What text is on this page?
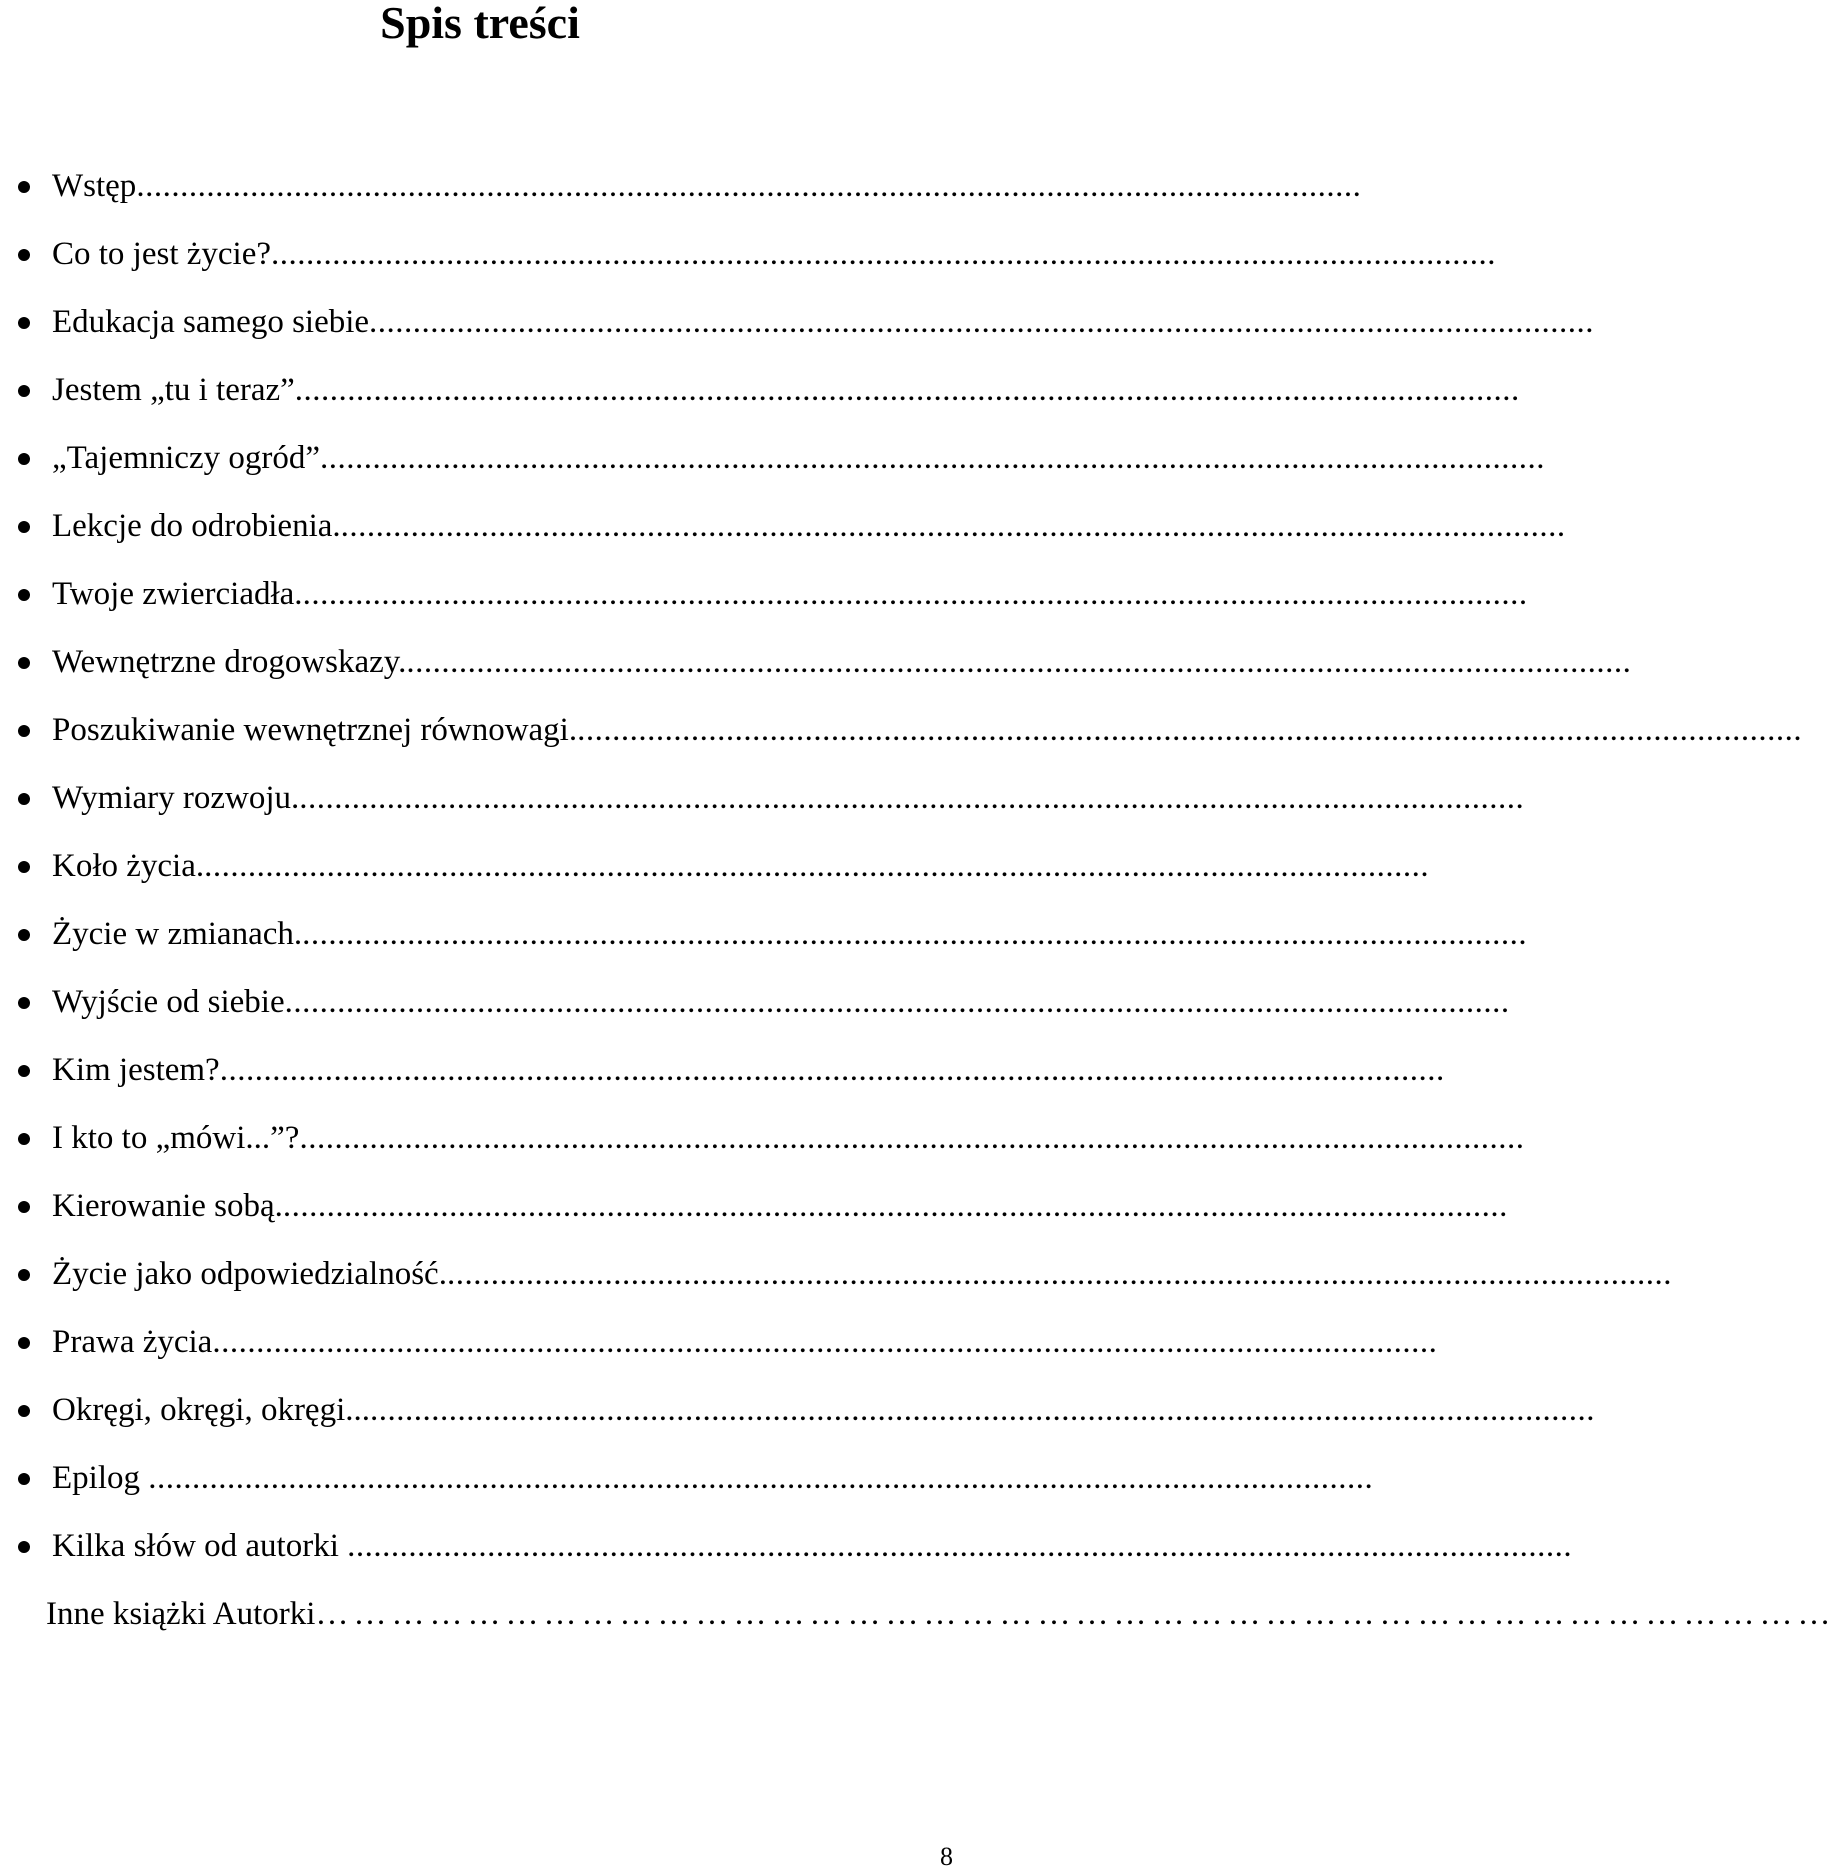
Spis treści
Wstęp............................................................................................................................................
Co to jest życie?............................................................................................................................................
Edukacja samego siebie............................................................................................................................................
Jestem „tu i teraz”............................................................................................................................................
„Tajemniczy ogród”............................................................................................................................................
Lekcje do odrobienia.............................................................................................................................................
Twoje zwierciadła.............................................................................................................................................
Wewnętrzne drogowskazy.............................................................................................................................................
Poszukiwanie wewnętrznej równowagi.............................................................................................................................................
Wymiary rozwoju.............................................................................................................................................
Koło życia.............................................................................................................................................
Życie w zmianach.............................................................................................................................................
Wyjście od siebie............................................................................................................................................
Kim jestem?............................................................................................................................................
I kto to „mówi...”?............................................................................................................................................
Kierowanie sobą.............................................................................................................................................
Życie jako odpowiedzialność.............................................................................................................................................
Prawa życia............................................................................................................................................
Okręgi, okręgi, okręgi...............................................................................................................................................
Epilog ............................................................................................................................................
Kilka słów od autorki ............................................................................................................................................
Inne książki Autorki…………………………………………………………………………………………………………
8
